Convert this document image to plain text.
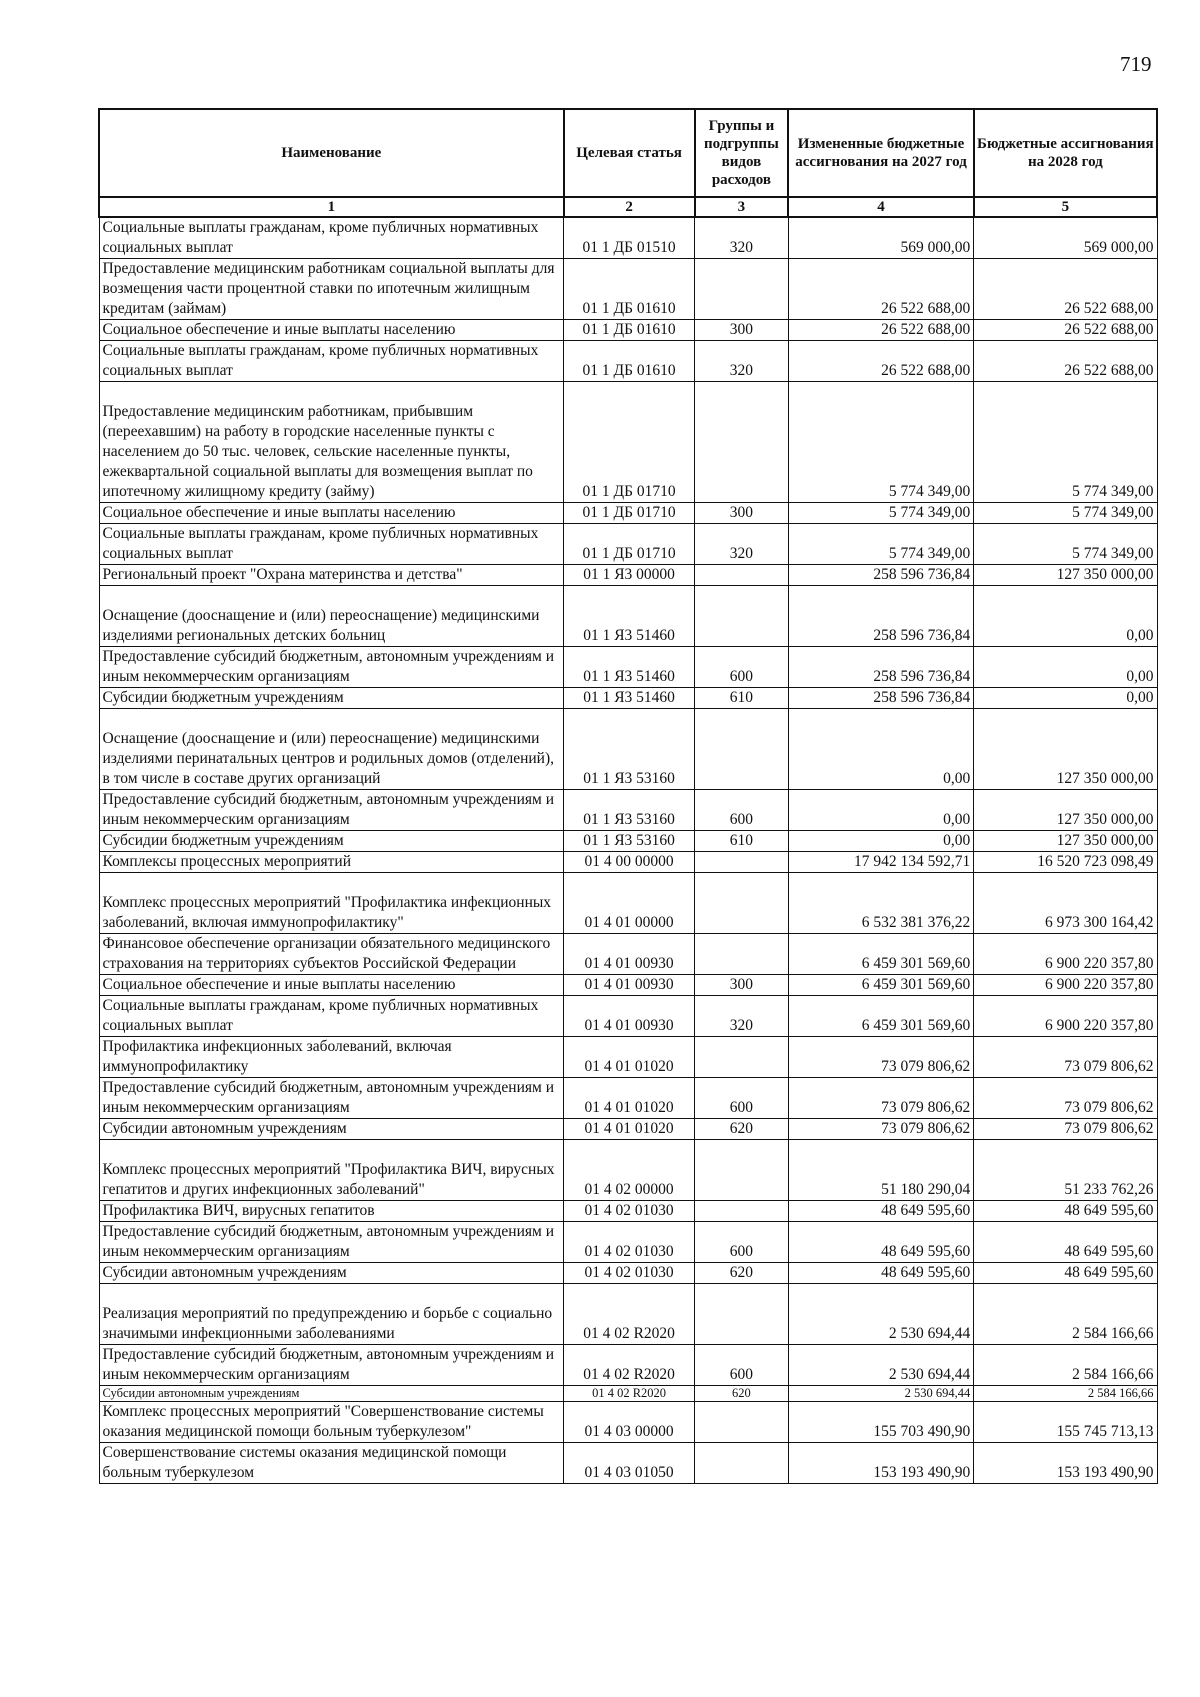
719
Наименование	Целевая статья	Группы и подгруппы видов расходов	Измененные бюджетные ассигнования на 2027 год	Бюджетные ассигнования на 2028 год
1	2	3	4	5
Социальные выплаты гражданам, кроме публичных нормативных социальных выплат	01 1 ДБ 01510	320	569 000,00	569 000,00
Предоставление медицинским работникам социальной выплаты для возмещения части процентной ставки по ипотечным жилищным кредитам (займам)	01 1 ДБ 01610		26 522 688,00	26 522 688,00
Социальное обеспечение и иные выплаты населению	01 1 ДБ 01610	300	26 522 688,00	26 522 688,00
Социальные выплаты гражданам, кроме публичных нормативных социальных выплат	01 1 ДБ 01610	320	26 522 688,00	26 522 688,00
Предоставление медицинским работникам, прибывшим (переехавшим) на работу в городские населенные пункты с населением до 50 тыс. человек, сельские населенные пункты, ежеквартальной социальной выплаты для возмещения выплат по ипотечному жилищному кредиту (займу)	01 1 ДБ 01710		5 774 349,00	5 774 349,00
Социальное обеспечение и иные выплаты населению	01 1 ДБ 01710	300	5 774 349,00	5 774 349,00
Социальные выплаты гражданам, кроме публичных нормативных социальных выплат	01 1 ДБ 01710	320	5 774 349,00	5 774 349,00
Региональный проект "Охрана материнства и детства"	01 1 Я3 00000		258 596 736,84	127 350 000,00
Оснащение (дооснащение и (или) переоснащение) медицинскими изделиями региональных детских больниц	01 1 Я3 51460		258 596 736,84	0,00
Предоставление субсидий бюджетным, автономным учреждениям и иным некоммерческим организациям	01 1 Я3 51460	600	258 596 736,84	0,00
Субсидии бюджетным учреждениям	01 1 Я3 51460	610	258 596 736,84	0,00
Оснащение (дооснащение и (или) переоснащение) медицинскими изделиями перинатальных центров и родильных домов (отделений), в том числе в составе других организаций	01 1 Я3 53160		0,00	127 350 000,00
Предоставление субсидий бюджетным, автономным учреждениям и иным некоммерческим организациям	01 1 Я3 53160	600	0,00	127 350 000,00
Субсидии бюджетным учреждениям	01 1 Я3 53160	610	0,00	127 350 000,00
Комплексы процессных мероприятий	01 4 00 00000		17 942 134 592,71	16 520 723 098,49
Комплекс процессных мероприятий "Профилактика инфекционных заболеваний, включая иммунопрофилактику"	01 4 01 00000		6 532 381 376,22	6 973 300 164,42
Финансовое обеспечение организации обязательного медицинского страхования на территориях субъектов Российской Федерации	01 4 01 00930		6 459 301 569,60	6 900 220 357,80
Социальное обеспечение и иные выплаты населению	01 4 01 00930	300	6 459 301 569,60	6 900 220 357,80
Социальные выплаты гражданам, кроме публичных нормативных социальных выплат	01 4 01 00930	320	6 459 301 569,60	6 900 220 357,80
Профилактика инфекционных заболеваний, включая иммунопрофилактику	01 4 01 01020		73 079 806,62	73 079 806,62
Предоставление субсидий бюджетным, автономным учреждениям и иным некоммерческим организациям	01 4 01 01020	600	73 079 806,62	73 079 806,62
Субсидии автономным учреждениям	01 4 01 01020	620	73 079 806,62	73 079 806,62
Комплекс процессных мероприятий "Профилактика ВИЧ, вирусных гепатитов и других инфекционных заболеваний"	01 4 02 00000		51 180 290,04	51 233 762,26
Профилактика ВИЧ, вирусных гепатитов	01 4 02 01030		48 649 595,60	48 649 595,60
Предоставление субсидий бюджетным, автономным учреждениям и иным некоммерческим организациям	01 4 02 01030	600	48 649 595,60	48 649 595,60
Субсидии автономным учреждениям	01 4 02 01030	620	48 649 595,60	48 649 595,60
Реализация мероприятий по предупреждению и борьбе с социально значимыми инфекционными заболеваниями	01 4 02 R2020		2 530 694,44	2 584 166,66
Предоставление субсидий бюджетным, автономным учреждениям и иным некоммерческим организациям	01 4 02 R2020	600	2 530 694,44	2 584 166,66
Субсидии автономным учреждениям	01 4 02 R2020	620	2 530 694,44	2 584 166,66
Комплекс процессных мероприятий "Совершенствование системы оказания медицинской помощи больным туберкулезом"	01 4 03 00000		155 703 490,90	155 745 713,13
Совершенствование системы оказания медицинской помощи больным туберкулезом	01 4 03 01050		153 193 490,90	153 193 490,90
